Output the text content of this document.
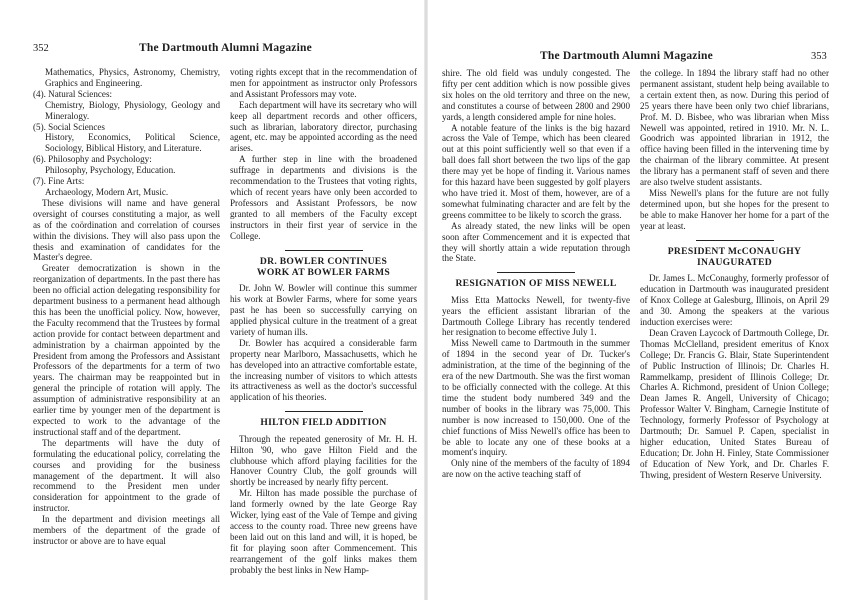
352	The Dartmouth Alumni Magazine
Mathematics, Physics, Astronomy, Chemistry, Graphics and Engineering.
(4). Natural Sciences:
Chemistry, Biology, Physiology, Geology and Mineralogy.
(5). Social Sciences
History, Economics, Political Science, Sociology, Biblical History, and Literature.
(6). Philosophy and Psychology:
Philosophy, Psychology, Education.
(7). Fine Arts:
Archaeology, Modern Art, Music.

These divisions will name and have general oversight of courses constituting a major, as well as of the coördination and correlation of courses within the divisions. They will also pass upon the thesis and examination of candidates for the Master's degree.

Greater democratization is shown in the reorganization of departments. In the past there has been no official action delegating responsibility for department business to a permanent head although this has been the unofficial policy. Now, however, the Faculty recommend that the Trustees by formal action provide for contact between department and administration by a chairman appointed by the President from among the Professors and Assistant Professors of the departments for a term of two years. The chairman may be reappointed but in general the principle of rotation will apply. The assumption of administrative responsibility at an earlier time by younger men of the department is expected to work to the advantage of the instructional staff and of the department.

The departments will have the duty of formulating the educational policy, correlating the courses and providing for the business management of the department. It will also recommend to the President men under consideration for appointment to the grade of instructor.

In the department and division meetings all members of the department of the grade of instructor or above are to have equal

voting rights except that in the recommendation of men for appointment as instructor only Professors and Assistant Professors may vote.

Each department will have its secretary who will keep all department records and other officers, such as librarian, laboratory director, purchasing agent, etc. may be appointed according as the need arises.

A further step in line with the broadened suffrage in departments and divisions is the recommendation to the Trustees that voting rights, which of recent years have only been accorded to Professors and Assistant Professors, be now granted to all members of the Faculty except instructors in their first year of service in the College.

DR. BOWLER CONTINUES
WORK AT BOWLER FARMS

Dr. John W. Bowler will continue this summer his work at Bowler Farms, where for some years past he has been so successfully carrying on applied physical culture in the treatment of a great variety of human ills.

Dr. Bowler has acquired a considerable farm property near Marlboro, Massachusetts, which he has developed into an attractive comfortable estate, the increasing number of visitors to which attests its attractiveness as well as the doctor's successful application of his theories.

HILTON FIELD ADDITION

Through the repeated generosity of Mr. H. H. Hilton '90, who gave Hilton Field and the clubhouse which afford playing facilities for the Hanover Country Club, the golf grounds will shortly be increased by nearly fifty percent.

Mr. Hilton has made possible the purchase of land formerly owned by the late George Ray Wicker, lying east of the Vale of Tempe and giving access to the county road. Three new greens have been laid out on this land and will, it is hoped, be fit for playing soon after Commencement. This rearrangement of the golf links makes them probably the best links in New Hamp-

The Dartmouth Alumni Magazine	353

shire. The old field was unduly congested. The fifty per cent addition which is now possible gives six holes on the old territory and three on the new, and constitutes a course of between 2800 and 2900 yards, a length considered ample for nine holes.

A notable feature of the links is the big hazard across the Vale of Tempe, which has been cleared out at this point sufficiently well so that even if a ball does fall short between the two lips of the gap there may yet be hope of finding it. Various names for this hazard have been suggested by golf players who have tried it. Most of them, however, are of a somewhat fulminating character and are felt by the greens committee to be likely to scorch the grass.

As already stated, the new links will be open soon after Commencement and it is expected that they will shortly attain a wide reputation through the State.

RESIGNATION OF MISS NEWELL

Miss Etta Mattocks Newell, for twenty-five years the efficient assistant librarian of the Dartmouth College Library has recently tendered her resignation to become effective July 1.

Miss Newell came to Dartmouth in the summer of 1894 in the second year of Dr. Tucker's administration, at the time of the beginning of the era of the new Dartmouth. She was the first woman to be officially connected with the college. At this time the student body numbered 349 and the number of books in the library was 75,000. This number is now increased to 150,000. One of the chief functions of Miss Newell's office has been to be able to locate any one of these books at a moment's inquiry.

Only nine of the members of the faculty of 1894 are now on the active teaching staff of

the college. In 1894 the library staff had no other permanent assistant, student help being available to a certain extent then, as now. During this period of 25 years there have been only two chief librarians, Prof. M. D. Bisbee, who was librarian when Miss Newell was appointed, retired in 1910. Mr. N. L. Goodrich was appointed librarian in 1912, the office having been filled in the intervening time by the chairman of the library committee. At present the library has a permanent staff of seven and there are also twelve student assistants.

Miss Newell's plans for the future are not fully determined upon, but she hopes for the present to be able to make Hanover her home for a part of the year at least.

PRESIDENT McCONAUGHY
INAUGURATED

Dr. James L. McConaughy, formerly professor of education in Dartmouth was inaugurated president of Knox College at Galesburg, Illinois, on April 29 and 30. Among the speakers at the various induction exercises were:

Dean Craven Laycock of Dartmouth College, Dr. Thomas McClelland, president emeritus of Knox College; Dr. Francis G. Blair, State Superintendent of Public Instruction of Illinois; Dr. Charles H. Rammelkamp, president of Illinois College; Dr. Charles A. Richmond, president of Union College; Dean James R. Angell, University of Chicago; Professor Walter V. Bingham, Carnegie Institute of Technology, formerly Professor of Psychology at Dartmouth; Dr. Samuel P. Capen, specialist in higher education, United States Bureau of Education; Dr. John H. Finley, State Commissioner of Education of New York, and Dr. Charles F. Thwing, president of Western Reserve University.
